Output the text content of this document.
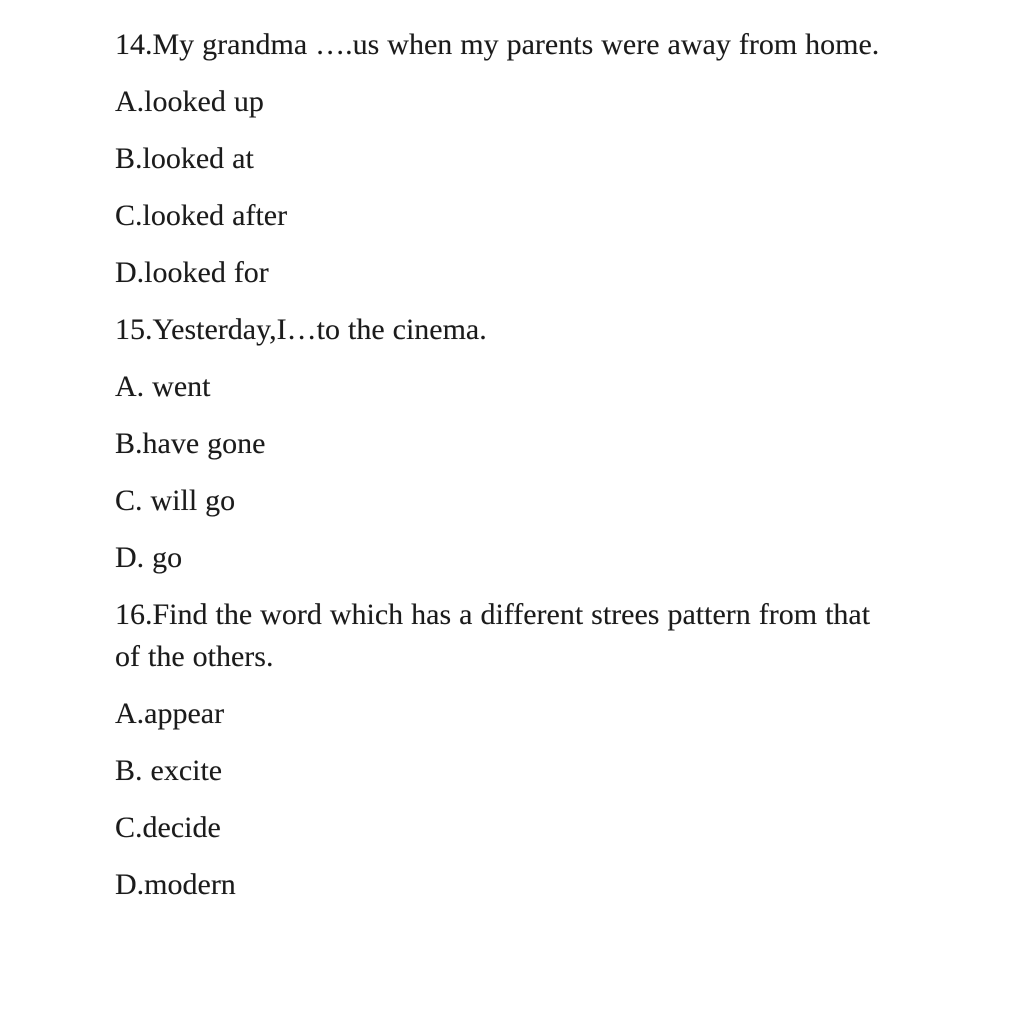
14.My grandma ….us when my parents were away from home.

A.looked up

B.looked at

C.looked after

D.looked for

15.Yesterday,I…to the cinema.

A. went

B.have gone

C. will go

D. go

16.Find the word which has a different strees pattern from that of the others.

A.appear

B. excite

C.decide

D.modern
